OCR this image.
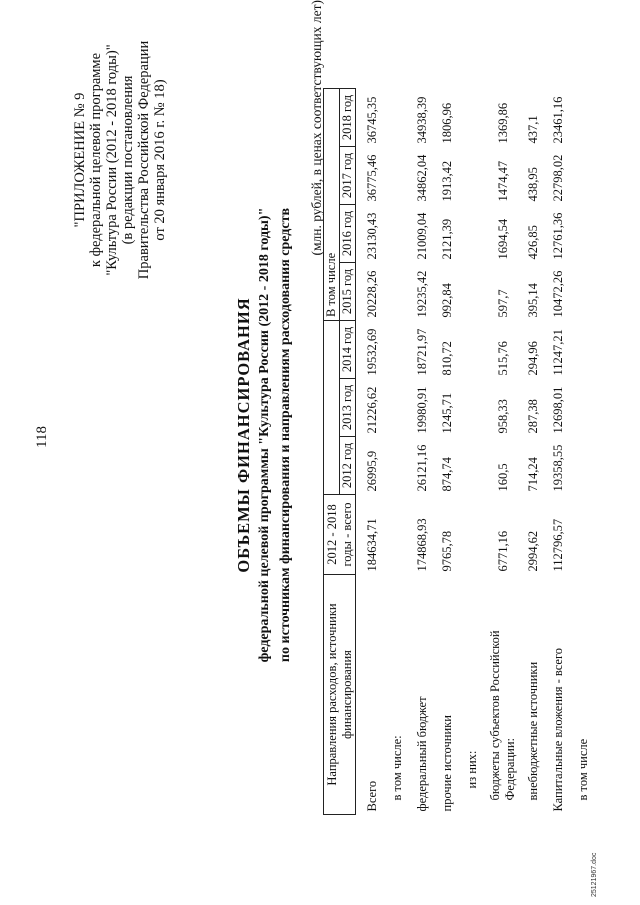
118
"ПРИЛОЖЕНИЕ № 9 к федеральной целевой программе "Культура России (2012 - 2018 годы)" (в редакции постановления Правительства Российской Федерации от 20 января 2016 г. № 18)
ОБЪЕМЫ ФИНАНСИРОВАНИЯ федеральной целевой программы "Культура России (2012 - 2018 годы)" по источникам финансирования и направлениям расходования средств
(млн. рублей, в ценах соответствующих лет)
Направления расходов, источники финансирования	2012 - 2018 годы - всего				В том числе			
		2012 год	2013 год	2014 год	2015 год	2016 год	2017 год	2018 год
Всего	184634,71	26995,9	21226,62	19532,69	20228,26	23130,43	36775,46	36745,35
в том числе:								
федеральный бюджет	174868,93	26121,16	19980,91	18721,97	19235,42	21009,04	34862,04	34938,39
прочие источники	9765,78	874,74	1245,71	810,72	992,84	2121,39	1913,42	1806,96
из них:								
бюджеты субъектов Российской Федерации:	6771,16	160,5	958,33	515,76	597,7	1694,54	1474,47	1369,86
внебюджетные источники	2994,62	714,24	287,38	294,96	395,14	426,85	438,95	437,1
Капитальные вложения - всего	112796,57	19358,55	12698,01	11247,21	10472,26	12761,36	22798,02	23461,16
в том числе								
25121967.doc
